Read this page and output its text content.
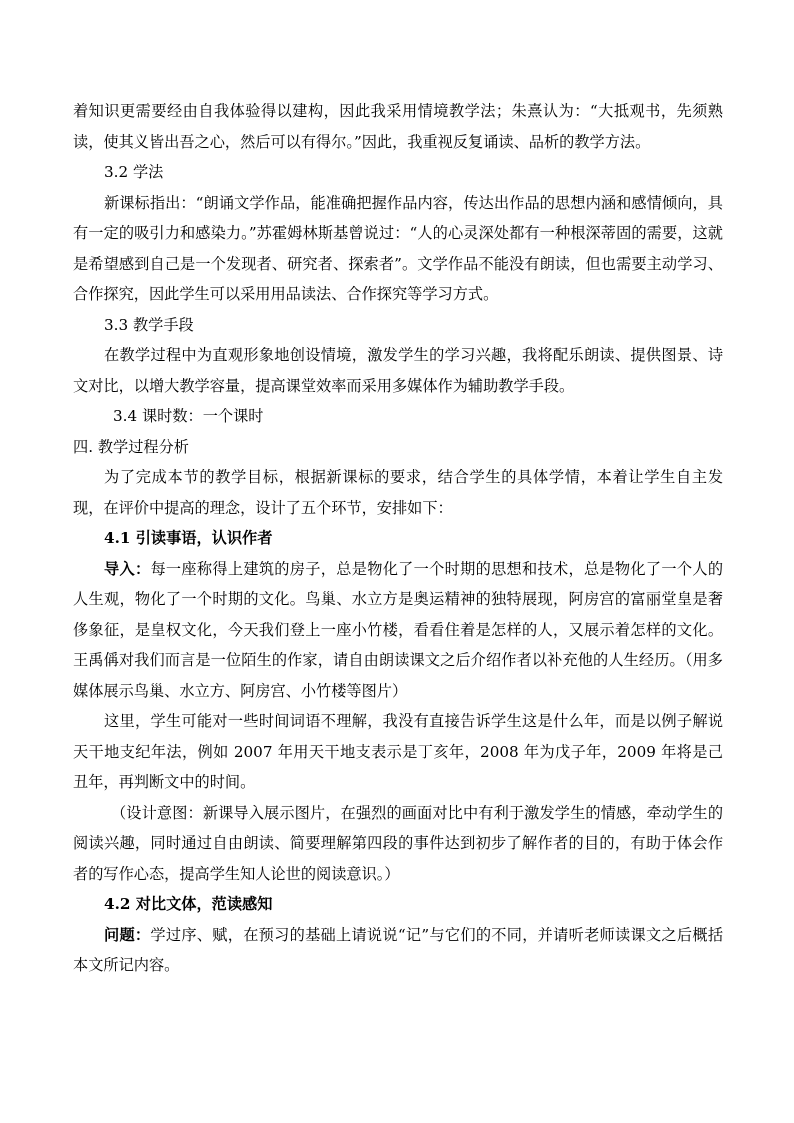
着知识更需要经由自我体验得以建构，因此我采用情境教学法；朱熹认为：“大抵观书，先须熟读，使其义皆出吾之心，然后可以有得尔。”因此，我重视反复诵读、品析的教学方法。

3.2 学法

新课标指出：“朗诵文学作品，能准确把握作品内容，传达出作品的思想内涵和感情倾向，具有一定的吸引力和感染力。”苏霍姆林斯基曾说过：“人的心灵深处都有一种根深蒂固的需要，这就是希望感到自己是一个发现者、研究者、探索者”。文学作品不能没有朗读，但也需要主动学习、合作探究，因此学生可以采用用品读法、合作探究等学习方式。

3.3 教学手段

在教学过程中为直观形象地创设情境，激发学生的学习兴趣，我将配乐朗读、提供图景、诗文对比，以增大教学容量，提高课堂效率而采用多媒体作为辅助教学手段。

3.4 课时数：一个课时

四. 教学过程分析

为了完成本节的教学目标，根据新课标的要求，结合学生的具体学情，本着让学生自主发现，在评价中提高的理念，设计了五个环节，安排如下：

4.1 引读事语，认识作者

导入：每一座称得上建筑的房子，总是物化了一个时期的思想和技术，总是物化了一个人的人生观，物化了一个时期的文化。鸟巢、水立方是奥运精神的独特展现，阿房宫的富丽堂皇是奢侈象征，是皇权文化，今天我们登上一座小竹楼，看看住着是怎样的人，又展示着怎样的文化。王禹偁对我们而言是一位陌生的作家，请自由朗读课文之后介绍作者以补充他的人生经历。（用多媒体展示鸟巢、水立方、阿房宫、小竹楼等图片）

这里，学生可能对一些时间词语不理解，我没有直接告诉学生这是什么年，而是以例子解说天干地支纪年法，例如 2007 年用天干地支表示是丁亥年，2008 年为戊子年，2009 年将是己丑年，再判断文中的时间。

（设计意图：新课导入展示图片，在强烈的画面对比中有利于激发学生的情感，牵动学生的阅读兴趣，同时通过自由朗读、简要理解第四段的事件达到初步了解作者的目的，有助于体会作者的写作心态，提高学生知人论世的阅读意识。）

4.2 对比文体，范读感知

问题：学过序、赋，在预习的基础上请说说“记”与它们的不同，并请听老师读课文之后概括本文所记内容。
